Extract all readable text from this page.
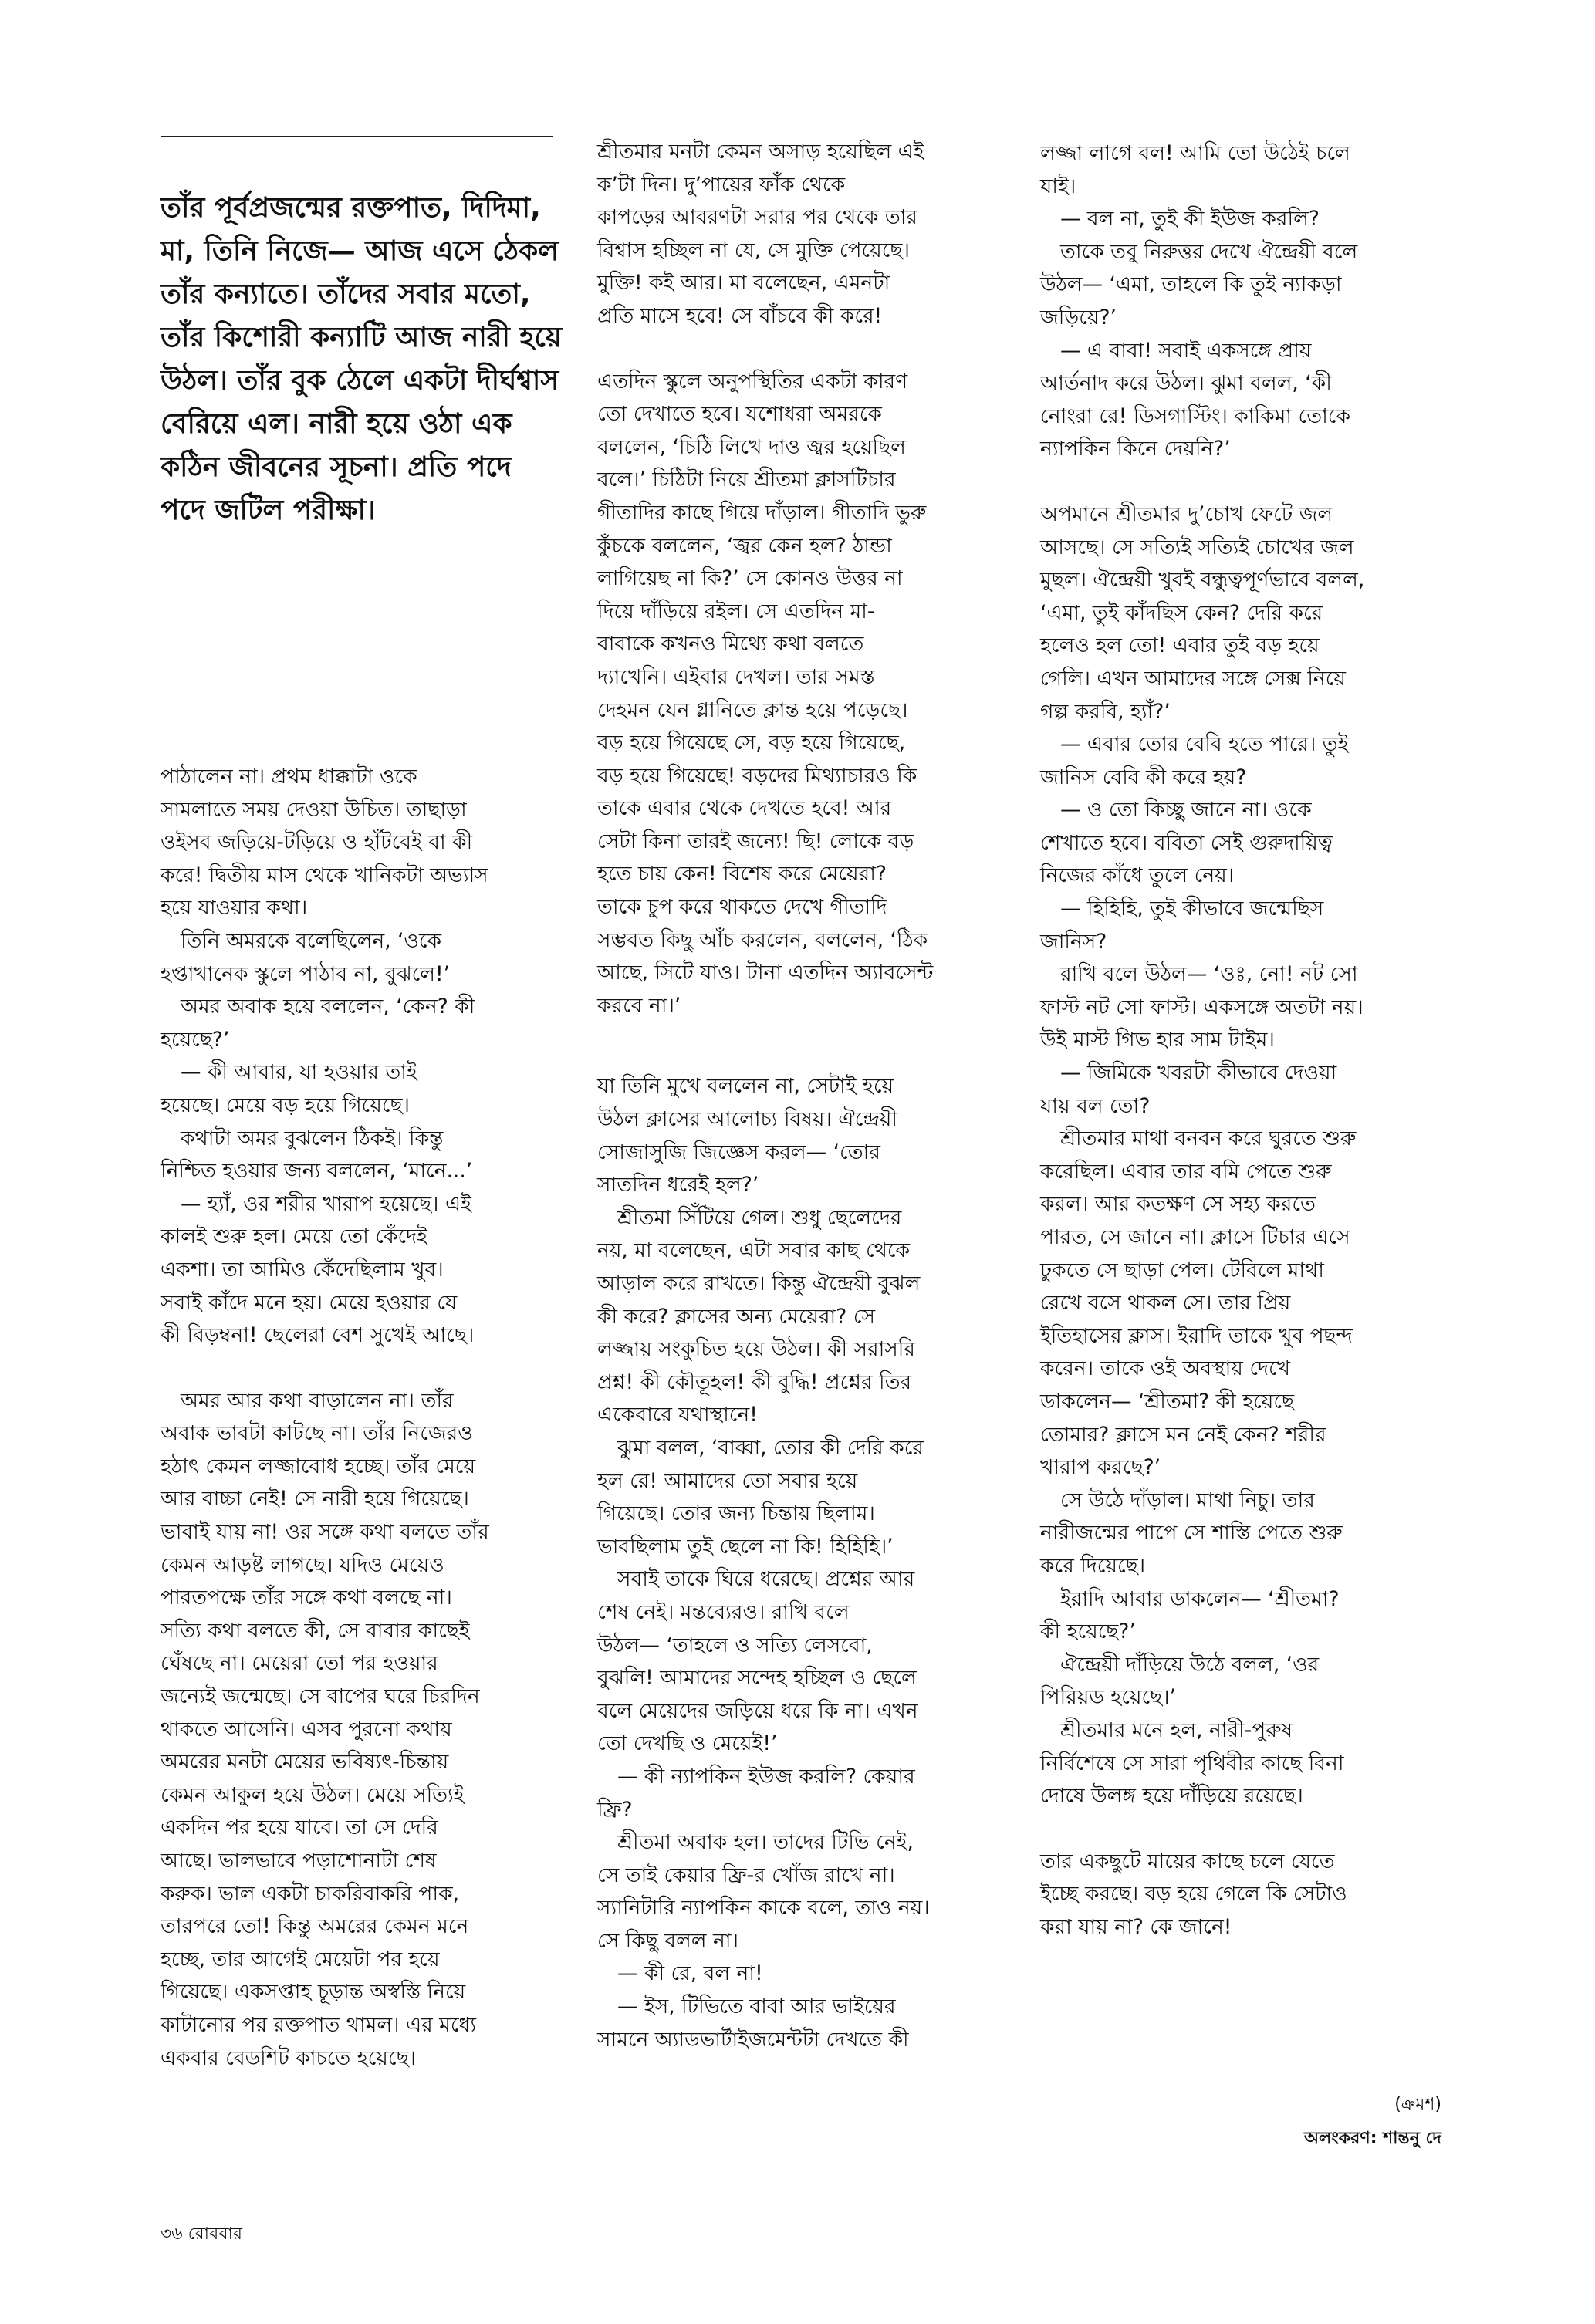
তাঁর পূর্বপ্রজন্মের রক্তপাত, দিদিমা, মা, তিনি নিজে— আজ এসে ঠেকল তাঁর কন্যাতে। তাঁদের সবার মতো, তাঁর কিশোরী কন্যাটি আজ নারী হয়ে উঠল। তাঁর বুক ঠেলে একটা দীর্ঘশ্বাস বেরিয়ে এল। নারী হয়ে ওঠা এক কঠিন জীবনের সূচনা। প্রতি পদে পদে জটিল পরীক্ষা।

পাঠালেন না। প্রথম ধাক্কাটা ওকে
সামলাতে সময় দেওয়া উচিত। তাছাড়া
ওইসব জড়িয়ে-টড়িয়ে ও হাঁটবেই বা কী
করে! দ্বিতীয় মাস থেকে খানিকটা অভ্যাস
হয়ে যাওয়ার কথা।

তিনি অমরকে বলেছিলেন, ‘ওকে
হপ্তাখানেক স্কুলে পাঠাব না, বুঝলে!’

অমর অবাক হয়ে বললেন, ‘কেন? কী
হয়েছে?’

— কী আবার, যা হওয়ার তাই
হয়েছে। মেয়ে বড় হয়ে গিয়েছে।

কথাটা অমর বুঝলেন ঠিকই। কিন্তু
নিশ্চিত হওয়ার জন্য বললেন, ‘মানে...’

— হ্যাঁ, ওর শরীর খারাপ হয়েছে। এই
কালই শুরু হল। মেয়ে তো কেঁদেই
একশা। তা আমিও কেঁদেছিলাম খুব।
সবাই কাঁদে মনে হয়। মেয়ে হওয়ার যে
কী বিড়ম্বনা! ছেলেরা বেশ সুখেই আছে।

অমর আর কথা বাড়ালেন না। তাঁর
অবাক ভাবটা কাটছে না। তাঁর নিজেরও
হঠাৎ কেমন লজ্জাবোধ হচ্ছে। তাঁর মেয়ে
আর বাচ্চা নেই! সে নারী হয়ে গিয়েছে।
ভাবাই যায় না! ওর সঙ্গে কথা বলতে তাঁর
কেমন আড়ষ্ট লাগছে। যদিও মেয়েও
পারতপক্ষে তাঁর সঙ্গে কথা বলছে না।
সত্যি কথা বলতে কী, সে বাবার কাছেই
ঘেঁষছে না। মেয়েরা তো পর হওয়ার
জন্যেই জন্মেছে। সে বাপের ঘরে চিরদিন
থাকতে আসেনি। এসব পুরনো কথায়
অমরের মনটা মেয়ের ভবিষ্যৎ-চিন্তায়
কেমন আকুল হয়ে উঠল। মেয়ে সত্যিই
একদিন পর হয়ে যাবে। তা সে দেরি
আছে। ভালভাবে পড়াশোনাটা শেষ
করুক। ভাল একটা চাকরিবাকরি পাক,
তারপরে তো! কিন্তু অমরের কেমন মনে
হচ্ছে, তার আগেই মেয়েটা পর হয়ে
গিয়েছে। একসপ্তাহ চূড়ান্ত অস্বস্তি নিয়ে
কাটানোর পর রক্তপাত থামল। এর মধ্যে
একবার বেডশিট কাচতে হয়েছে।

শ্রীতমার মনটা কেমন অসাড় হয়েছিল এই
ক’টা দিন। দু’পায়ের ফাঁক থেকে
কাপড়ের আবরণটা সরার পর থেকে তার
বিশ্বাস হচ্ছিল না যে, সে মুক্তি পেয়েছে।
মুক্তি! কই আর। মা বলেছেন, এমনটা
প্রতি মাসে হবে! সে বাঁচবে কী করে!

এতদিন স্কুলে অনুপস্থিতির একটা কারণ
তো দেখাতে হবে। যশোধরা অমরকে
বললেন, ‘চিঠি লিখে দাও জ্বর হয়েছিল
বলে।’ চিঠিটা নিয়ে শ্রীতমা ক্লাসটিচার
গীতাদির কাছে গিয়ে দাঁড়াল। গীতাদি ভুরু
কুঁচকে বললেন, ‘জ্বর কেন হল? ঠান্ডা
লাগিয়েছ না কি?’ সে কোনও উত্তর না
দিয়ে দাঁড়িয়ে রইল। সে এতদিন মা-
বাবাকে কখনও মিথ্যে কথা বলতে
দ্যাখেনি। এইবার দেখল। তার সমস্ত
দেহমন যেন গ্লানিতে ক্লান্ত হয়ে পড়েছে।
বড় হয়ে গিয়েছে সে, বড় হয়ে গিয়েছে,
বড় হয়ে গিয়েছে! বড়দের মিথ্যাচারও কি
তাকে এবার থেকে দেখতে হবে! আর
সেটা কিনা তারই জন্যে! ছি! লোকে বড়
হতে চায় কেন! বিশেষ করে মেয়েরা?
তাকে চুপ করে থাকতে দেখে গীতাদি
সম্ভবত কিছু আঁচ করলেন, বললেন, ‘ঠিক
আছে, সিটে যাও। টানা এতদিন অ্যাবসেন্ট
করবে না।’

যা তিনি মুখে বললেন না, সেটাই হয়ে
উঠল ক্লাসের আলোচ্য বিষয়। ঐন্দ্রেয়ী
সোজাসুজি জিজ্ঞেস করল— ‘তোর
সাতদিন ধরেই হল?’

শ্রীতমা সিঁটিয়ে গেল। শুধু ছেলেদের
নয়, মা বলেছেন, এটা সবার কাছ থেকে
আড়াল করে রাখতে। কিন্তু ঐন্দ্রেয়ী বুঝল
কী করে? ক্লাসের অন্য মেয়েরা? সে
লজ্জায় সংকুচিত হয়ে উঠল। কী সরাসরি
প্রশ্ন! কী কৌতূহল! কী বুদ্ধি! প্রশ্নের তির
একেবারে যথাস্থানে!

ঝুমা বলল, ‘বাব্বা, তোর কী দেরি করে
হল রে! আমাদের তো সবার হয়ে
গিয়েছে। তোর জন্য চিন্তায় ছিলাম।
ভাবছিলাম তুই ছেলে না কি! হিহিহি।’

সবাই তাকে ঘিরে ধরেছে। প্রশ্নের আর
শেষ নেই। মন্তব্যেরও। রাখি বলে
উঠল— ‘তাহলে ও সত্যি লেসবো,
বুঝলি! আমাদের সন্দেহ হচ্ছিল ও ছেলে
বলে মেয়েদের জড়িয়ে ধরে কি না। এখন
তো দেখছি ও মেয়েই!’

— কী ন্যাপকিন ইউজ করলি? কেয়ার
ফ্রি?

শ্রীতমা অবাক হল। তাদের টিভি নেই,
সে তাই কেয়ার ফ্রি-র খোঁজ রাখে না।
স্যানিটারি ন্যাপকিন কাকে বলে, তাও নয়।
সে কিছু বলল না।

— কী রে, বল না!

— ইস, টিভিতে বাবা আর ভাইয়ের
সামনে অ্যাডভার্টাইজমেন্টটা দেখতে কী

লজ্জা লাগে বল! আমি তো উঠেই চলে
যাই।

— বল না, তুই কী ইউজ করলি?

তাকে তবু নিরুত্তর দেখে ঐন্দ্রেয়ী বলে
উঠল— ‘এমা, তাহলে কি তুই ন্যাকড়া
জড়িয়ে?’

— এ বাবা! সবাই একসঙ্গে প্রায়
আর্তনাদ করে উঠল। ঝুমা বলল, ‘কী
নোংরা রে! ডিসগাস্টিং। কাকিমা তোকে
ন্যাপকিন কিনে দেয়নি?’

অপমানে শ্রীতমার দু’চোখ ফেটে জল
আসছে। সে সত্যিই সত্যিই চোখের জল
মুছল। ঐন্দ্রেয়ী খুবই বন্ধুত্বপূর্ণভাবে বলল,
‘এমা, তুই কাঁদছিস কেন? দেরি করে
হলেও হল তো! এবার তুই বড় হয়ে
গেলি। এখন আমাদের সঙ্গে সেক্স নিয়ে
গল্প করবি, হ্যাঁ?’

— এবার তোর বেবি হতে পারে। তুই
জানিস বেবি কী করে হয়?

— ও তো কিচ্ছু জানে না। ওকে
শেখাতে হবে। ববিতা সেই গুরুদায়িত্ব
নিজের কাঁধে তুলে নেয়।

— হিহিহি, তুই কীভাবে জন্মেছিস
জানিস?

রাখি বলে উঠল— ‘ওঃ, নো! নট সো
ফাস্ট নট সো ফাস্ট। একসঙ্গে অতটা নয়।
উই মাস্ট গিভ হার সাম টাইম।

— জিমিকে খবরটা কীভাবে দেওয়া
যায় বল তো?

শ্রীতমার মাথা বনবন করে ঘুরতে শুরু
করেছিল। এবার তার বমি পেতে শুরু
করল। আর কতক্ষণ সে সহ্য করতে
পারত, সে জানে না। ক্লাসে টিচার এসে
ঢুকতে সে ছাড়া পেল। টেবিলে মাথা
রেখে বসে থাকল সে। তার প্রিয়
ইতিহাসের ক্লাস। ইরাদি তাকে খুব পছন্দ
করেন। তাকে ওই অবস্থায় দেখে
ডাকলেন— ‘শ্রীতমা? কী হয়েছে
তোমার? ক্লাসে মন নেই কেন? শরীর
খারাপ করছে?’

সে উঠে দাঁড়াল। মাথা নিচু। তার
নারীজন্মের পাপে সে শাস্তি পেতে শুরু
করে দিয়েছে।

ইরাদি আবার ডাকলেন— ‘শ্রীতমা?
কী হয়েছে?’

ঐন্দ্রেয়ী দাঁড়িয়ে উঠে বলল, ‘ওর
পিরিয়ড হয়েছে।’

শ্রীতমার মনে হল, নারী-পুরুষ
নির্বিশেষে সে সারা পৃথিবীর কাছে বিনা
দোষে উলঙ্গ হয়ে দাঁড়িয়ে রয়েছে।

তার একছুটে মায়ের কাছে চলে যেতে
ইচ্ছে করছে। বড় হয়ে গেলে কি সেটাও
করা যায় না? কে জানে!

(ক্রমশ)

অলংকরণ: শান্তনু দে

৩৬ রোববার
